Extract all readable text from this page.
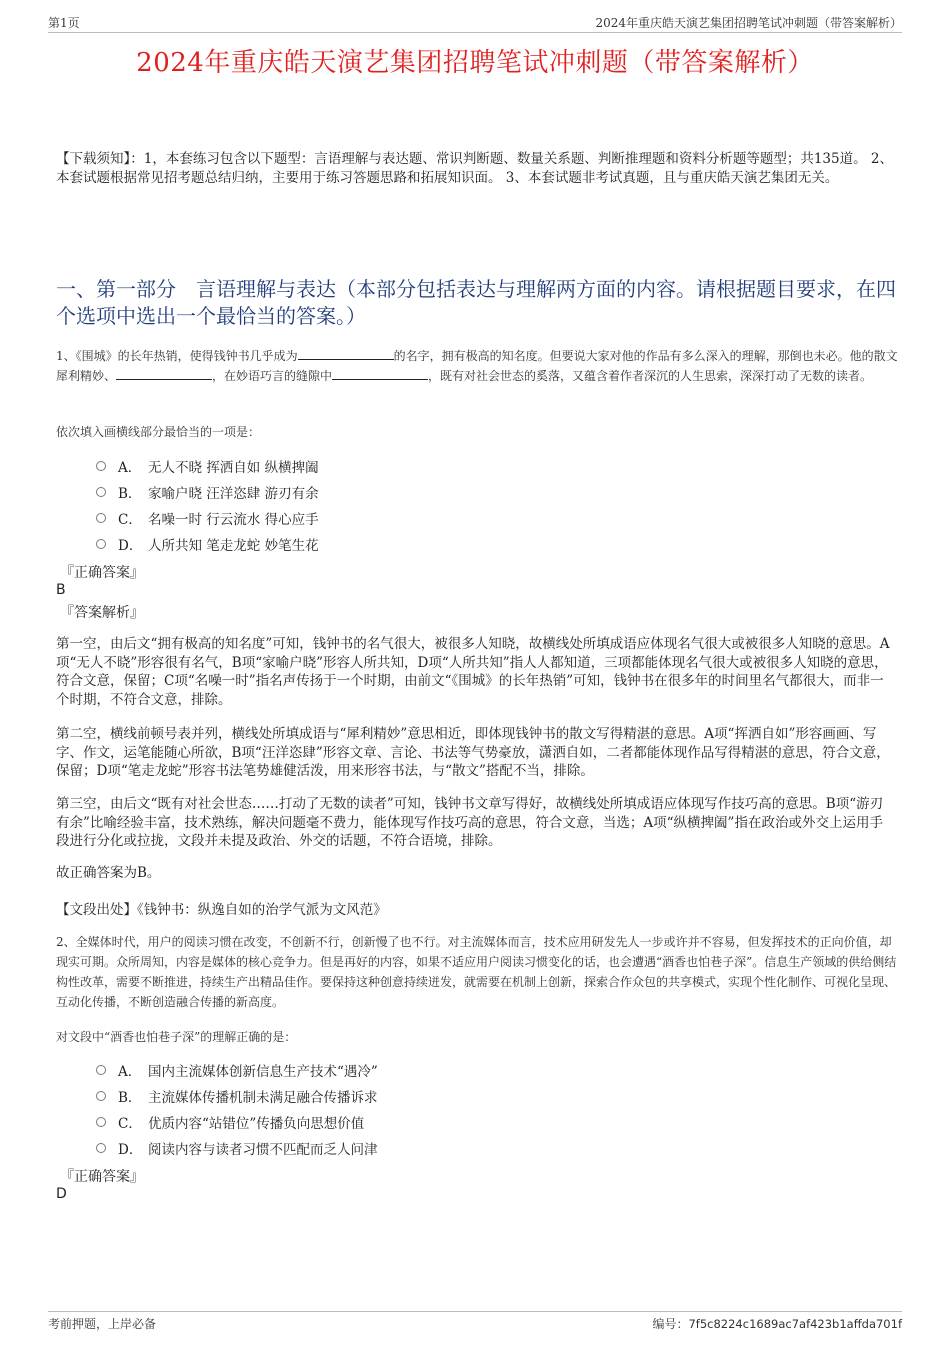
第1页	2024年重庆皓天演艺集团招聘笔试冲刺题（带答案解析）
2024年重庆皓天演艺集团招聘笔试冲刺题（带答案解析）
【下载须知】：1，本套练习包含以下题型：言语理解与表达题、常识判断题、数量关系题、判断推理题和资料分析题等题型；共135道。 2、本套试题根据常见招考题总结归纳，主要用于练习答题思路和拓展知识面。 3、本套试题非考试真题，且与重庆皓天演艺集团无关。
一、第一部分　言语理解与表达（本部分包括表达与理解两方面的内容。请根据题目要求，在四个选项中选出一个最恰当的答案。）
1、《围城》的长年热销，使得钱钟书几乎成为	的名字，拥有极高的知名度。但要说大家对他的作品有多么深入的理解，那倒也未必。他的散文犀利精妙、	，在妙语巧言的缝隙中	，既有对社会世态的奚落，又蕴含着作者深沉的人生思索，深深打动了无数的读者。
依次填入画横线部分最恰当的一项是：
A． 无人不晓 挥洒自如 纵横捭阖
B． 家喻户晓 汪洋恣肆 游刃有余
C． 名噪一时 行云流水 得心应手
D． 人所共知 笔走龙蛇 妙笔生花
『正确答案』
B
『答案解析』
第一空，由后文“拥有极高的知名度”可知，钱钟书的名气很大，被很多人知晓，故横线处所填成语应体现名气很大或被很多人知晓的意思。A项“无人不晓”形容很有名气，B项“家喻户晓”形容人所共知，D项“人所共知”指人人都知道，三项都能体现名气很大或被很多人知晓的意思，符合文意，保留；C项“名噪一时”指名声传扬于一个时期，由前文“《围城》的长年热销”可知，钱钟书在很多年的时间里名气都很大，而非一个时期，不符合文意，排除。
第二空，横线前顿号表并列，横线处所填成语与“犀利精妙”意思相近，即体现钱钟书的散文写得精湛的意思。A项“挥洒自如”形容画画、写字、作文，运笔能随心所欲，B项“汪洋恣肆”形容文章、言论、书法等气势豪放，潇洒自如，二者都能体现作品写得精湛的意思，符合文意，保留；D项“笔走龙蛇”形容书法笔势雄健活泼，用来形容书法，与“散文”搭配不当，排除。
第三空，由后文“既有对社会世态……打动了无数的读者”可知，钱钟书文章写得好，故横线处所填成语应体现写作技巧高的意思。B项“游刃有余”比喻经验丰富，技术熟练，解决问题毫不费力，能体现写作技巧高的意思，符合文意，当选；A项“纵横捭阖”指在政治或外交上运用手段进行分化或拉拢，文段并未提及政治、外交的话题，不符合语境，排除。
故正确答案为B。
【文段出处】《钱钟书：纵逸自如的治学气派为文风范》
2、全媒体时代，用户的阅读习惯在改变，不创新不行，创新慢了也不行。对主流媒体而言，技术应用研发先人一步或许并不容易，但发挥技术的正向价值，却现实可期。众所周知，内容是媒体的核心竞争力。但是再好的内容，如果不适应用户阅读习惯变化的话，也会遭遇“酒香也怕巷子深”。信息生产领域的供给侧结构性改革，需要不断推进，持续生产出精品佳作。要保持这种创意持续迸发，就需要在机制上创新，探索合作众包的共享模式，实现个性化制作、可视化呈现、互动化传播，不断创造融合传播的新高度。
对文段中“酒香也怕巷子深”的理解正确的是：
A． 国内主流媒体创新信息生产技术“遇冷”
B． 主流媒体传播机制未满足融合传播诉求
C． 优质内容“站错位”传播负向思想价值
D． 阅读内容与读者习惯不匹配而乏人问津
『正确答案』
D
考前押题，上岸必备	编号：7f5c8224c1689ac7af423b1affda701f
